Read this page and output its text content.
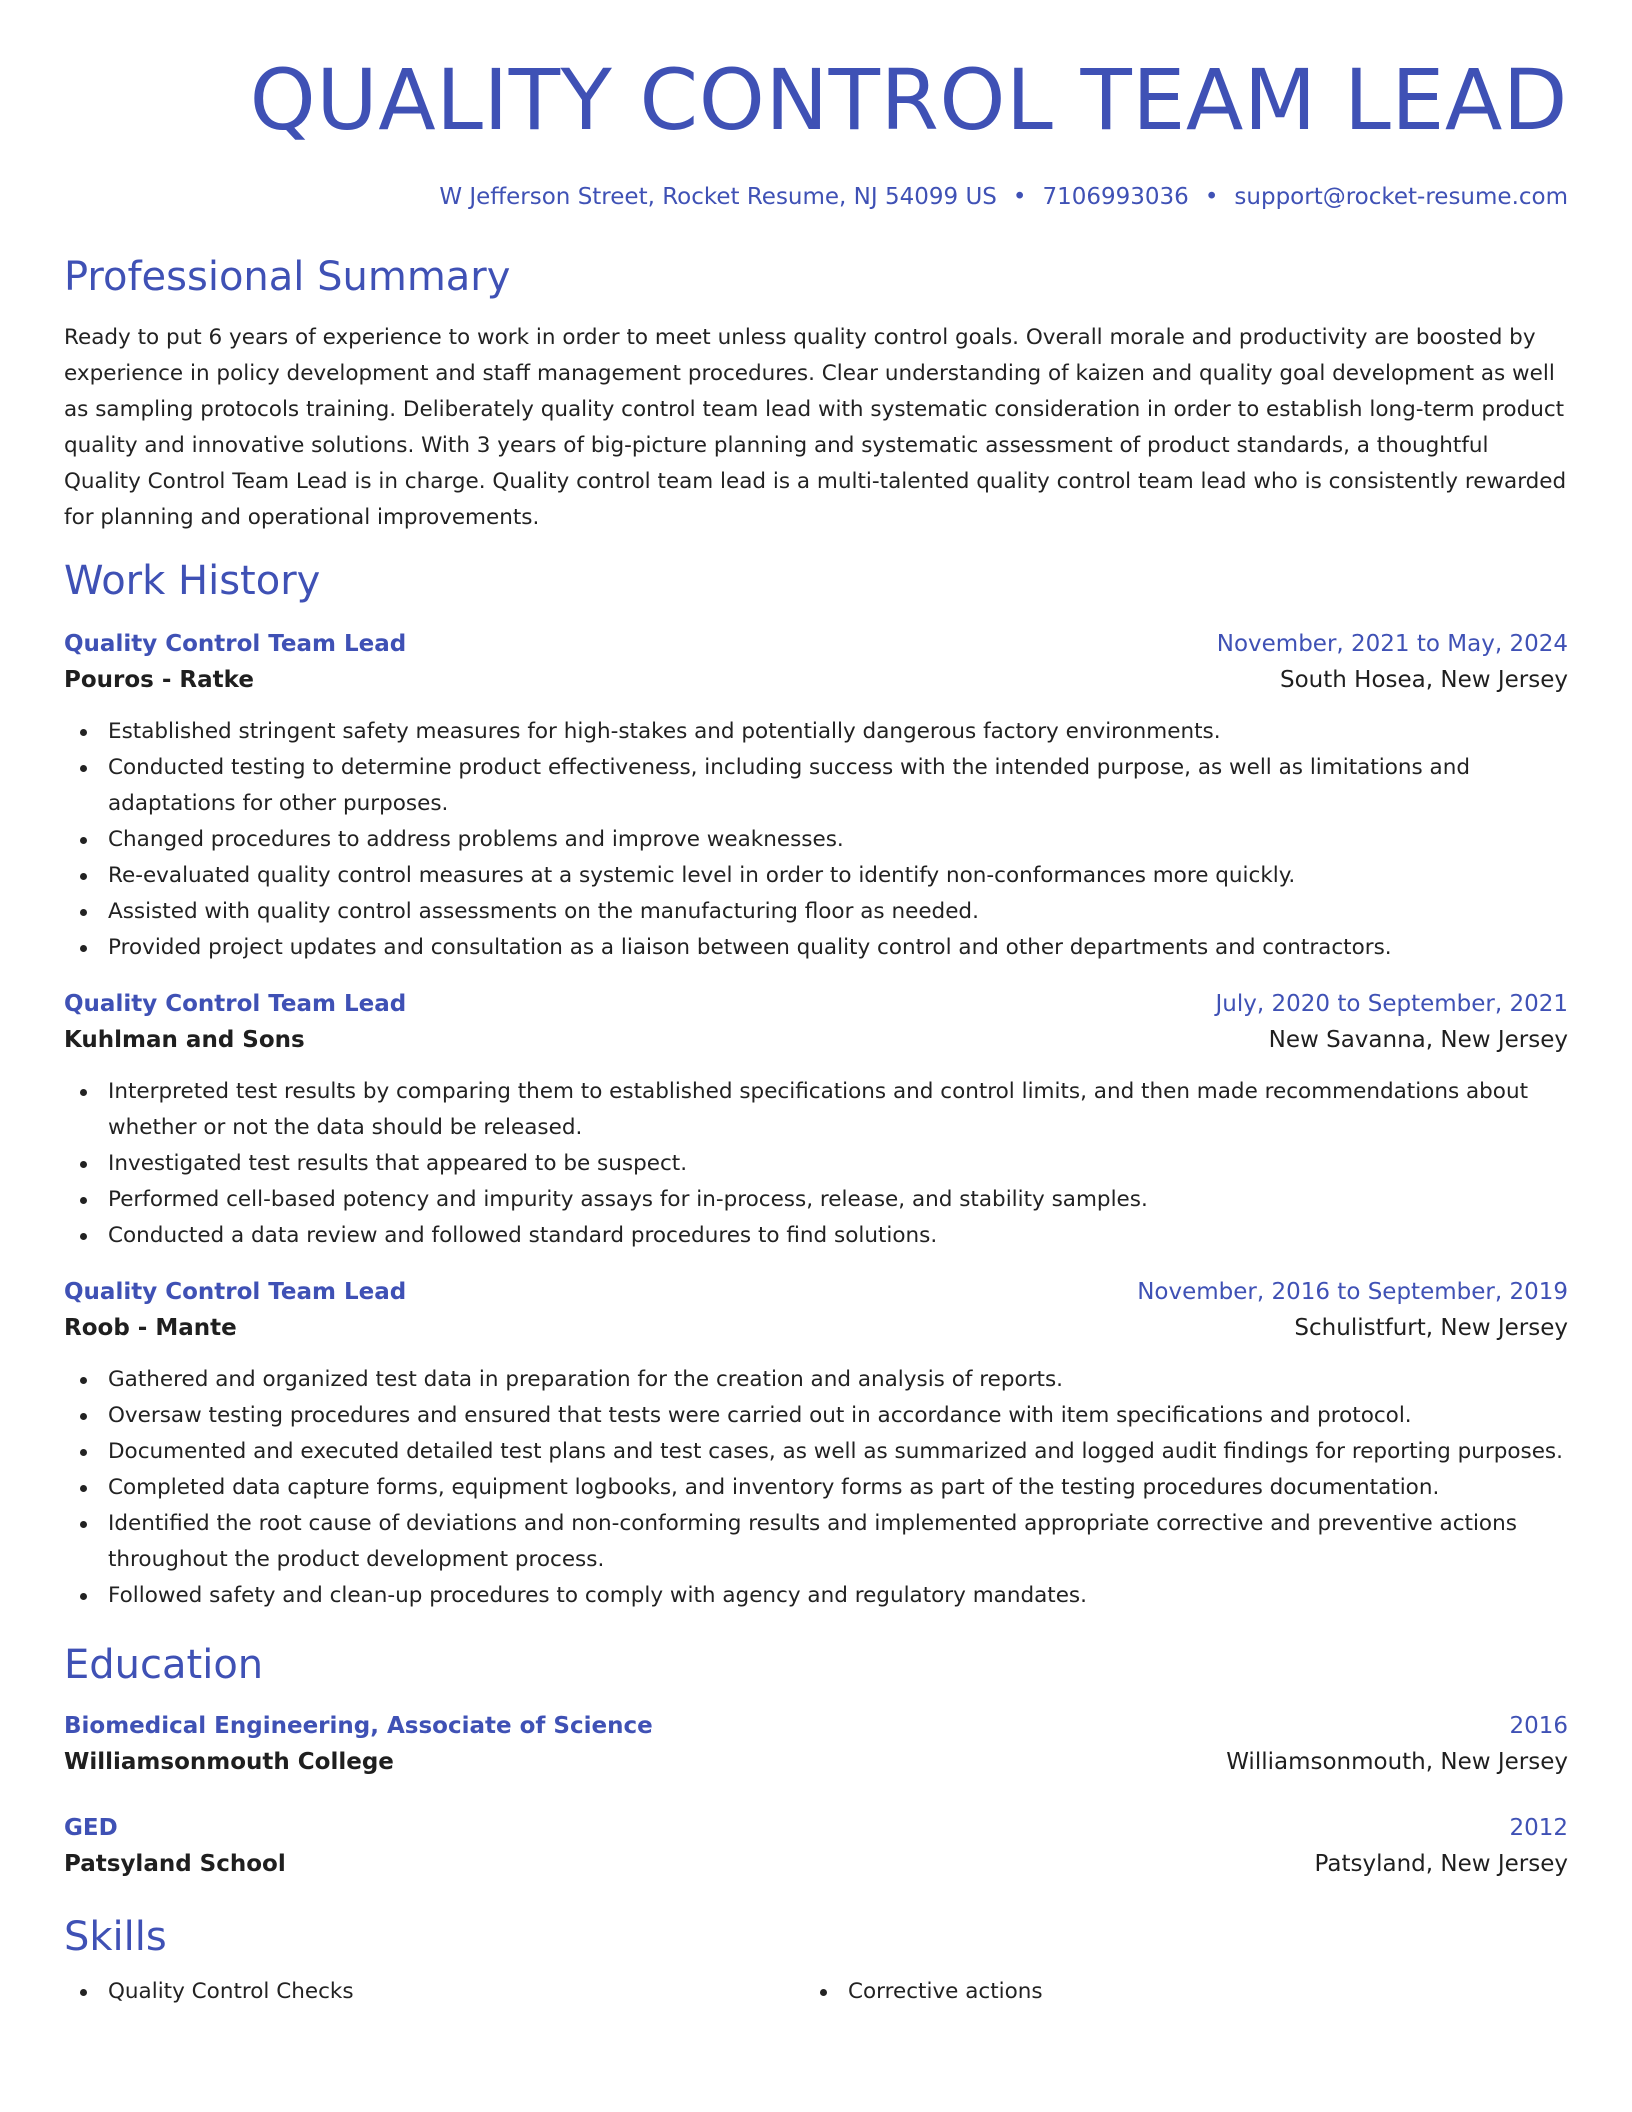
QUALITY CONTROL TEAM LEAD
W Jefferson Street, Rocket Resume, NJ 54099 US • 7106993036 • support@rocket-resume.com
Professional Summary

Ready to put 6 years of experience to work in order to meet unless quality control goals. Overall morale and productivity are boosted by experience in policy development and staff management procedures. Clear understanding of kaizen and quality goal development as well as sampling protocols training. Deliberately quality control team lead with systematic consideration in order to establish long-term product quality and innovative solutions. With 3 years of big-picture planning and systematic assessment of product standards, a thoughtful Quality Control Team Lead is in charge. Quality control team lead is a multi-talented quality control team lead who is consistently rewarded for planning and operational improvements.

Work History
Quality Control Team Lead	November, 2021 to May, 2024
Pouros - Ratke	South Hosea, New Jersey
Established stringent safety measures for high-stakes and potentially dangerous factory environments.
Conducted testing to determine product effectiveness, including success with the intended purpose, as well as limitations and adaptations for other purposes.
Changed procedures to address problems and improve weaknesses.
Re-evaluated quality control measures at a systemic level in order to identify non-conformances more quickly.
Assisted with quality control assessments on the manufacturing floor as needed.
Provided project updates and consultation as a liaison between quality control and other departments and contractors.
Quality Control Team Lead	July, 2020 to September, 2021
Kuhlman and Sons	New Savanna, New Jersey
Interpreted test results by comparing them to established specifications and control limits, and then made recommendations about whether or not the data should be released.
Investigated test results that appeared to be suspect.
Performed cell-based potency and impurity assays for in-process, release, and stability samples.
Conducted a data review and followed standard procedures to find solutions.
Quality Control Team Lead	November, 2016 to September, 2019
Roob - Mante	Schulistfurt, New Jersey
Gathered and organized test data in preparation for the creation and analysis of reports.
Oversaw testing procedures and ensured that tests were carried out in accordance with item specifications and protocol.
Documented and executed detailed test plans and test cases, as well as summarized and logged audit findings for reporting purposes.
Completed data capture forms, equipment logbooks, and inventory forms as part of the testing procedures documentation.
Identified the root cause of deviations and non-conforming results and implemented appropriate corrective and preventive actions throughout the product development process.
Followed safety and clean-up procedures to comply with agency and regulatory mandates.
Education
Biomedical Engineering, Associate of Science	2016
Williamsonmouth College	Williamsonmouth, New Jersey
GED	2012
Patsyland School	Patsyland, New Jersey
Skills
Quality Control Checks	Corrective actions
